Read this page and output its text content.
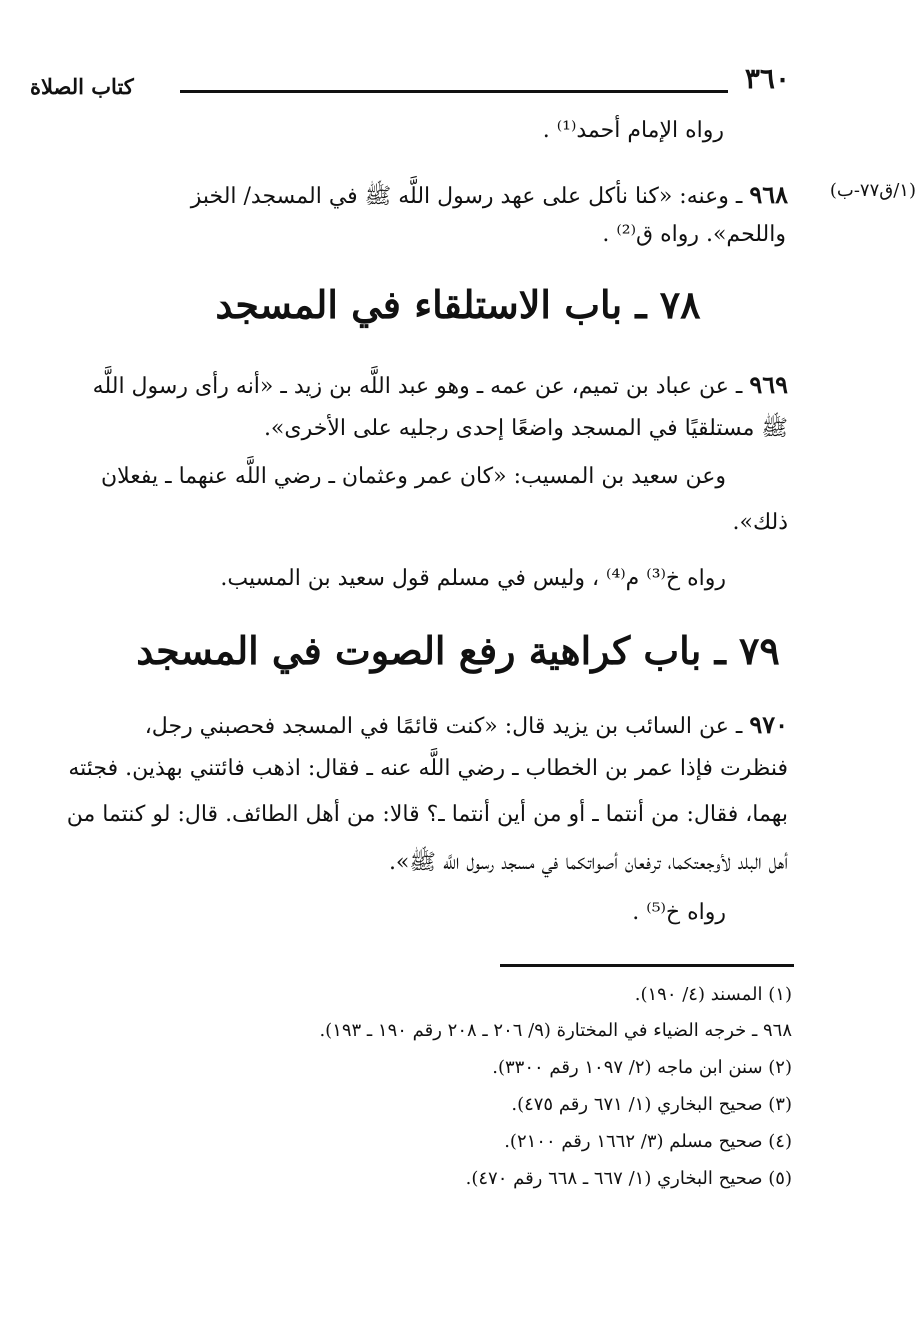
٣٦٠
كتاب الصلاة
(١/ق٧٧-ب)
رواه الإمام أحمد⁽¹⁾ .
٩٦٨ ـ وعنه: «كنا نأكل على عهد رسول اللَّه ﷺ في المسجد/ الخبز
واللحم». رواه ق⁽²⁾ .
٧٨ ـ باب الاستلقاء في المسجد
٩٦٩ ـ عن عباد بن تميم، عن عمه ـ وهو عبد اللَّه بن زيد ـ «أنه رأى رسول اللَّه
ﷺ مستلقيًا في المسجد واضعًا إحدى رجليه على الأخرى».
وعن سعيد بن المسيب: «كان عمر وعثمان ـ رضي اللَّه عنهما ـ يفعلان
ذلك».
رواه خ⁽³⁾ م⁽⁴⁾ ، وليس في مسلم قول سعيد بن المسيب.
٧٩ ـ باب كراهية رفع الصوت في المسجد
٩٧٠ ـ عن السائب بن يزيد قال: «كنت قائمًا في المسجد فحصبني رجل،
فنظرت فإذا عمر بن الخطاب ـ رضي اللَّه عنه ـ فقال: اذهب فائتني بهذين. فجئته
بهما، فقال: من أنتما ـ أو من أين أنتما ـ؟ قالا: من أهل الطائف. قال: لو كنتما من
أهل البلد لأوجعتكما، ترفعان أصواتكما في مسجد رسول اللَّه ﷺ».
رواه خ⁽⁵⁾ .
(١) المسند (٤/ ١٩٠).
٩٦٨ ـ خرجه الضياء في المختارة (٩/ ٢٠٦ ـ ٢٠٨ رقم ١٩٠ ـ ١٩٣).
(٢) سنن ابن ماجه (٢/ ١٠٩٧ رقم ٣٣٠٠).
(٣) صحيح البخاري (١/ ٦٧١ رقم ٤٧٥).
(٤) صحيح مسلم (٣/ ١٦٦٢ رقم ٢١٠٠).
(٥) صحيح البخاري (١/ ٦٦٧ ـ ٦٦٨ رقم ٤٧٠).
